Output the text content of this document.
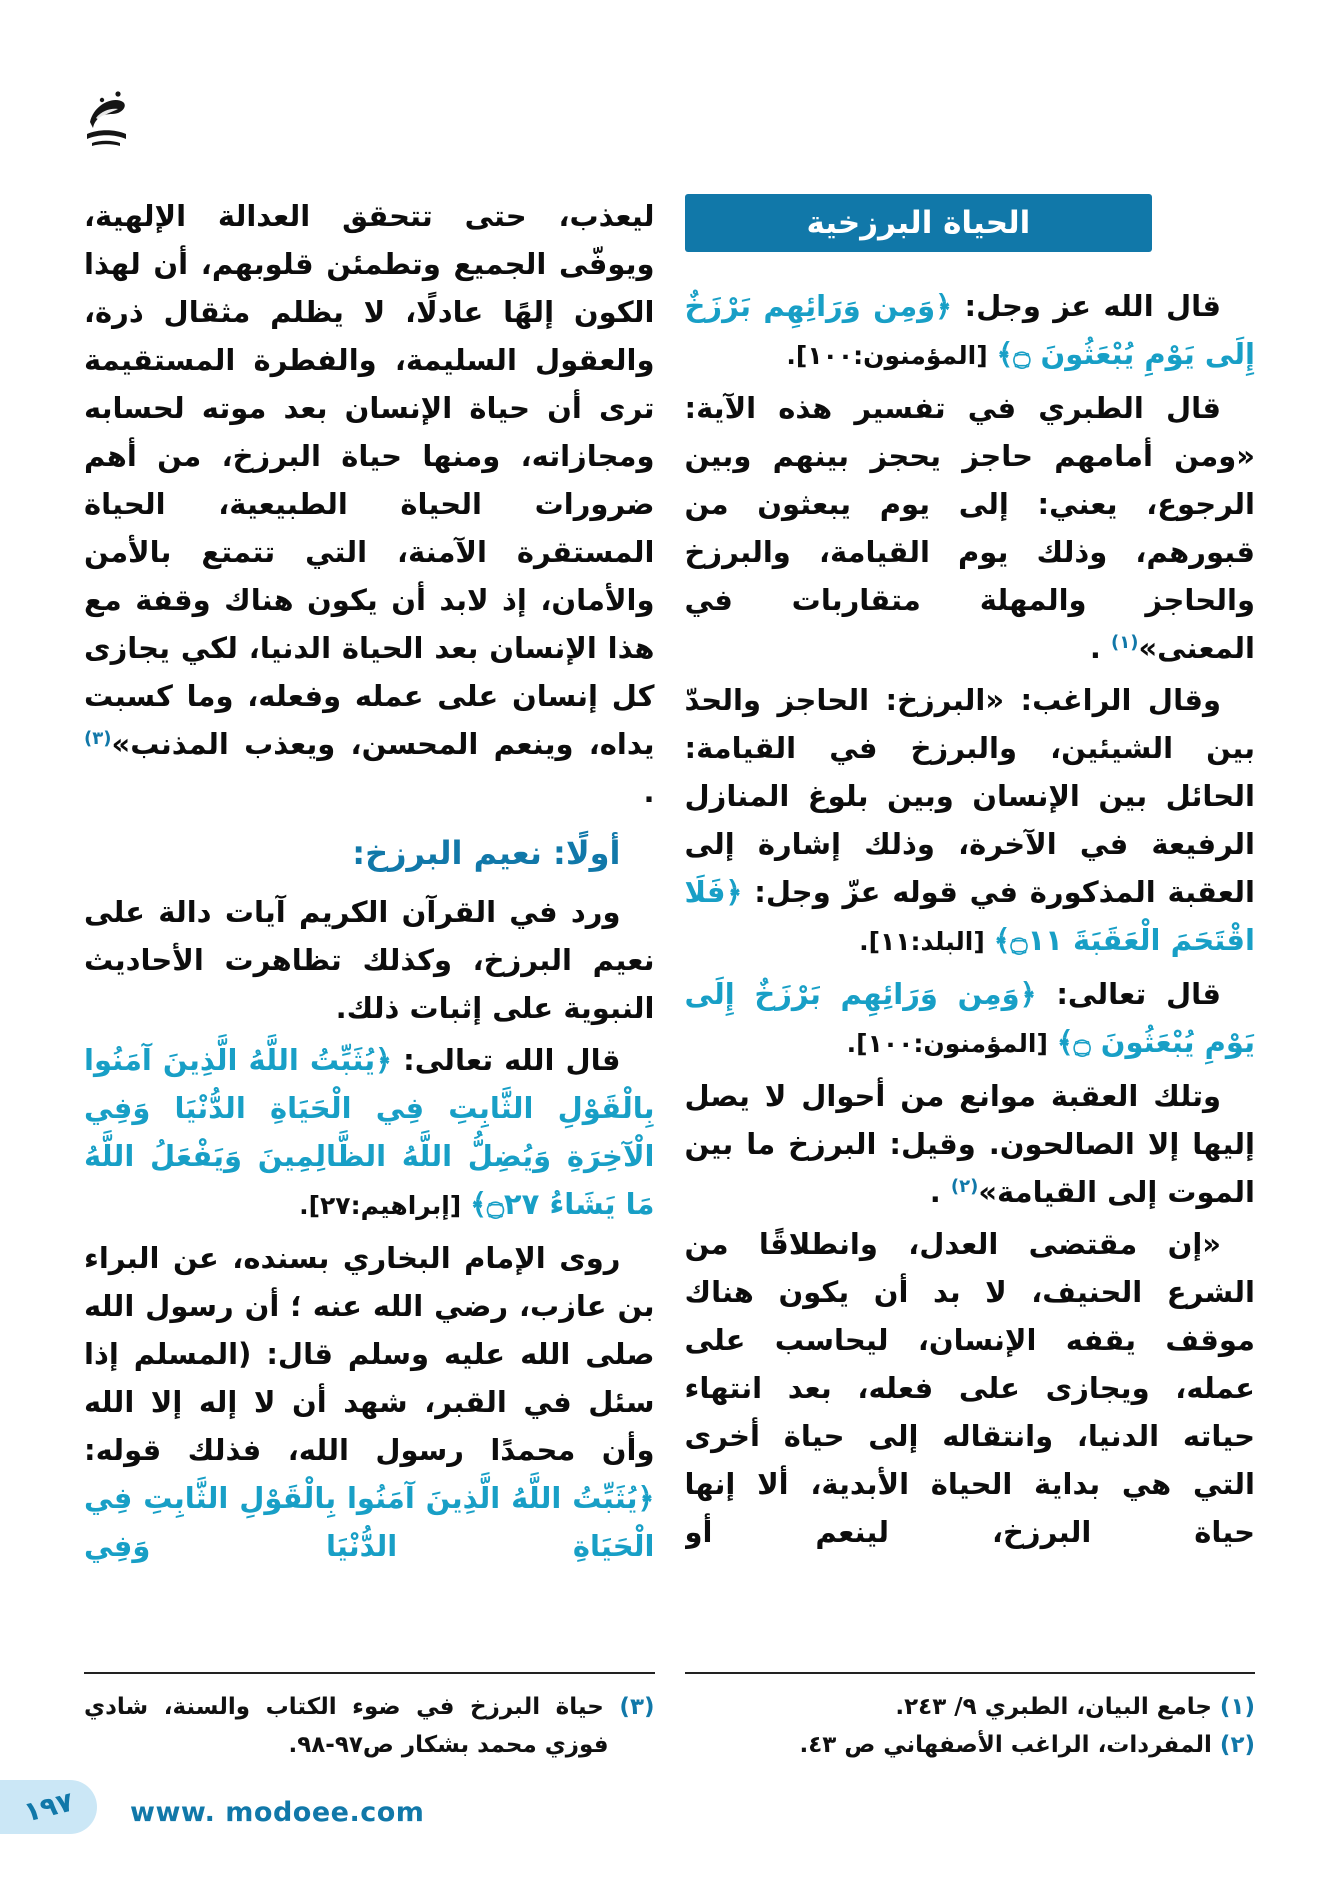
الحياة البرزخية

قال الله عز وجل: ﴿وَمِن وَرَائِهِم بَرْزَخٌ إِلَى يَوْمِ يُبْعَثُونَ ۝﴾ [المؤمنون:١٠٠].

قال الطبري في تفسير هذه الآية: «ومن أمامهم حاجز يحجز بينهم وبين الرجوع، يعني: إلى يوم يبعثون من قبورهم، وذلك يوم القيامة، والبرزخ والحاجز والمهلة متقاربات في المعنى»$^{(١)}$ .

وقال الراغب: «البرزخ: الحاجز والحدّ بين الشيئين، والبرزخ في القيامة: الحائل بين الإنسان وبين بلوغ المنازل الرفيعة في الآخرة، وذلك إشارة إلى العقبة المذكورة في قوله عزّ وجل: ﴿فَلَا اقْتَحَمَ الْعَقَبَةَ ۝١١﴾ [البلد:١١].

قال تعالى: ﴿وَمِن وَرَائِهِم بَرْزَخٌ إِلَى يَوْمِ يُبْعَثُونَ ۝﴾ [المؤمنون:١٠٠].

وتلك العقبة موانع من أحوال لا يصل إليها إلا الصالحون. وقيل: البرزخ ما بين الموت إلى القيامة»$^{(٢)}$ .

«إن مقتضى العدل، وانطلاقًا من الشرع الحنيف، لا بد أن يكون هناك موقف يقفه الإنسان، ليحاسب على عمله، ويجازى على فعله، بعد انتهاء حياته الدنيا، وانتقاله إلى حياة أخرى التي هي بداية الحياة الأبدية، ألا إنها حياة البرزخ، لينعم أو

(١) جامع البيان، الطبري ٩/ ٢٤٣.

(٢) المفردات، الراغب الأصفهاني ص ٤٣.

ليعذب، حتى تتحقق العدالة الإلهية، ويوفّى الجميع وتطمئن قلوبهم، أن لهذا الكون إلهًا عادلًا، لا يظلم مثقال ذرة، والعقول السليمة، والفطرة المستقيمة ترى أن حياة الإنسان بعد موته لحسابه ومجازاته، ومنها حياة البرزخ، من أهم ضرورات الحياة الطبيعية، الحياة المستقرة الآمنة، التي تتمتع بالأمن والأمان، إذ لابد أن يكون هناك وقفة مع هذا الإنسان بعد الحياة الدنيا، لكي يجازى كل إنسان على عمله وفعله، وما كسبت يداه، وينعم المحسن، ويعذب المذنب»$^{(٣)}$ .

أولًا: نعيم البرزخ:

ورد في القرآن الكريم آيات دالة على نعيم البرزخ، وكذلك تظاهرت الأحاديث النبوية على إثبات ذلك.

قال الله تعالى: ﴿يُثَبِّتُ اللَّهُ الَّذِينَ آمَنُوا بِالْقَوْلِ الثَّابِتِ فِي الْحَيَاةِ الدُّنْيَا وَفِي الْآخِرَةِ وَيُضِلُّ اللَّهُ الظَّالِمِينَ وَيَفْعَلُ اللَّهُ مَا يَشَاءُ ۝٢٧﴾ [إبراهيم:٢٧].

روى الإمام البخاري بسنده، عن البراء بن عازب، رضي الله عنه ؛ أن رسول الله صلى الله عليه وسلم قال: (المسلم إذا سئل في القبر، شهد أن لا إله إلا الله وأن محمدًا رسول الله، فذلك قوله: ﴿يُثَبِّتُ اللَّهُ الَّذِينَ آمَنُوا بِالْقَوْلِ الثَّابِتِ فِي الْحَيَاةِ الدُّنْيَا وَفِي

(٣) حياة البرزخ في ضوء الكتاب والسنة، شادي فوزي محمد بشكار ص٩٧-٩٨.

١٩٧ www. modoee.com
